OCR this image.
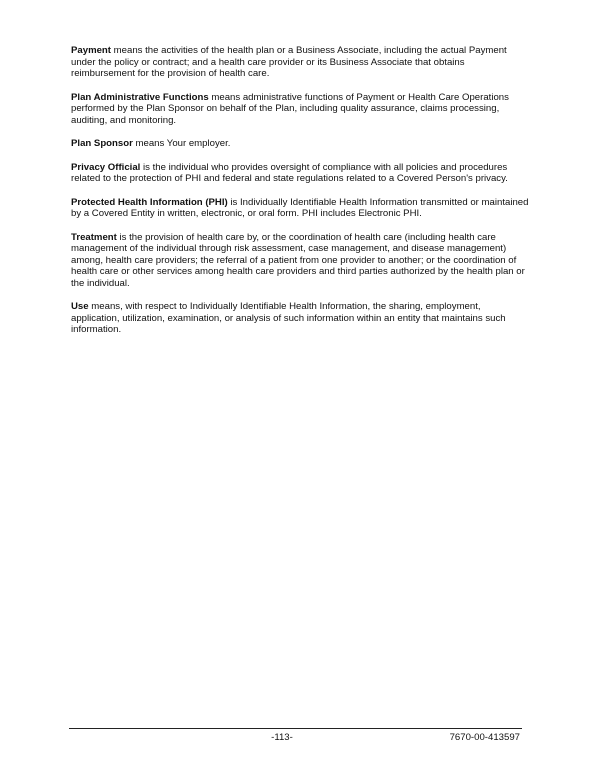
Payment means the activities of the health plan or a Business Associate, including the actual Payment under the policy or contract; and a health care provider or its Business Associate that obtains reimbursement for the provision of health care.

Plan Administrative Functions means administrative functions of Payment or Health Care Operations performed by the Plan Sponsor on behalf of the Plan, including quality assurance, claims processing, auditing, and monitoring.

Plan Sponsor means Your employer.

Privacy Official is the individual who provides oversight of compliance with all policies and procedures related to the protection of PHI and federal and state regulations related to a Covered Person's privacy.

Protected Health Information (PHI) is Individually Identifiable Health Information transmitted or maintained by a Covered Entity in written, electronic, or oral form. PHI includes Electronic PHI.

Treatment is the provision of health care by, or the coordination of health care (including health care management of the individual through risk assessment, case management, and disease management) among, health care providers; the referral of a patient from one provider to another; or the coordination of health care or other services among health care providers and third parties authorized by the health plan or the individual.

Use means, with respect to Individually Identifiable Health Information, the sharing, employment, application, utilization, examination, or analysis of such information within an entity that maintains such information.

-113-	7670-00-413597
